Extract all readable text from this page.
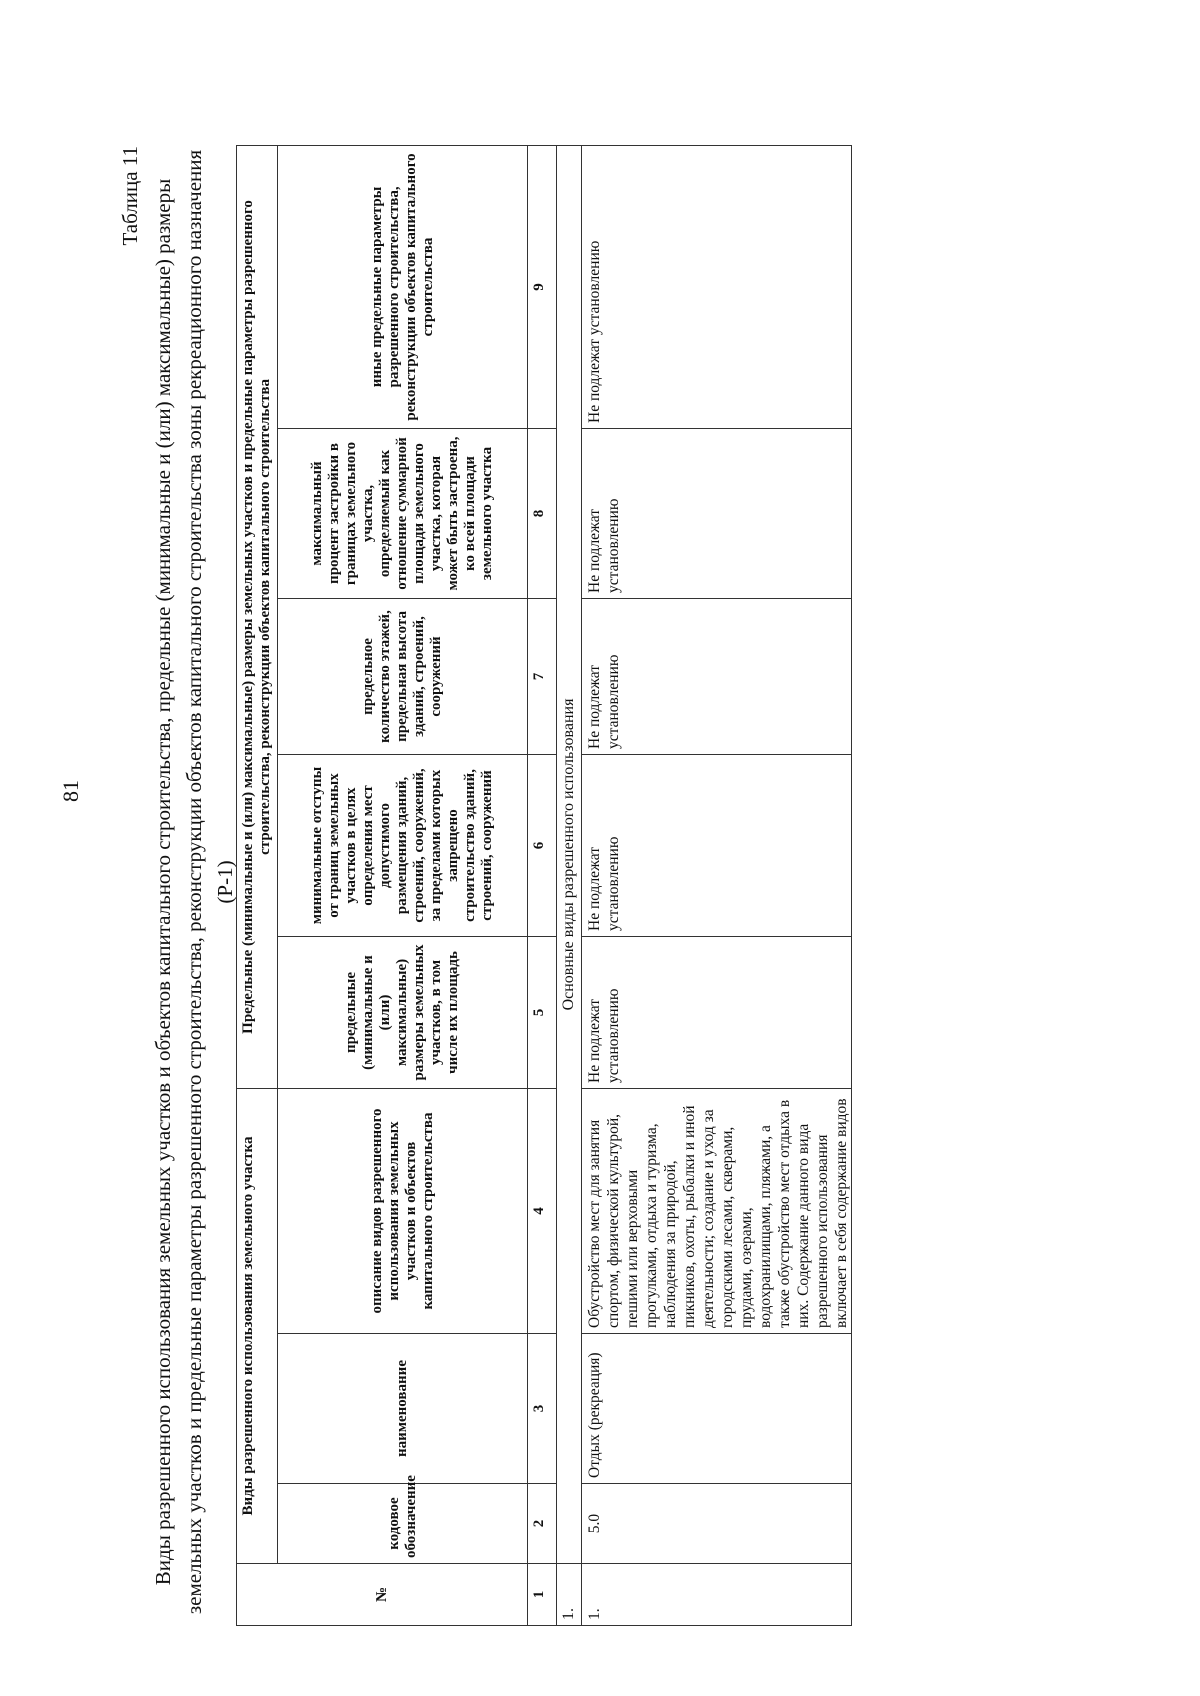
Таблица 11 Виды разрешенного использования земельных участков и объектов капитального строительства, предельные (минимальные и (или) максимальные) размеры земельных участков и предельные параметры разрешенного строительства, реконструкции объектов капитального строительства зоны рекреационного назначения (Р-1)
№	Виды разрешенного использования земельного участка			Предельные (минимальные и (или) максимальные) размеры земельных участков и предельные параметры разрешенного строительства, реконструкции объектов капитального строительства				
	кодовое обозначение	наименование	описание видов разрешенного использования земельных участков и объектов капитального строительства	предельные (минимальные и (или) максимальные) размеры земельных участков, в том числе их площадь	минимальные отступы от границ земельных участков в целях определения мест допустимого размещения зданий, строений, сооружений, за пределами которых запрещено строительство зданий, строений, сооружений	предельное количество этажей, предельная высота зданий, строений, сооружений	максимальный процент застройки в границах земельного участка, определяемый как отношение суммарной площади земельного участка, которая может быть застроена, ко всей площади земельного участка	иные предельные параметры разрешенного строительства, реконструкции объектов капитального строительства
1	2	3	4	5	6	7	8	9
1.	Основные виды разрешенного использования							
1.	5.0	Отдых (рекреация)	Обустройство мест для занятия спортом, физической культурой, пешими или верховыми прогулками, отдыха и туризма, наблюдения за природой, пикников, охоты, рыбалки и иной деятельности; создание и уход за городскими лесами, скверами, прудами, озерами, водохранилищами, пляжами, а также обустройство мест отдыха в них. Содержание данного вида разрешенного использования включает в себя содержание видов	Не подлежат установлению	Не подлежат установлению	Не подлежат установлению	Не подлежат установлению	Не подлежат установлению
81
